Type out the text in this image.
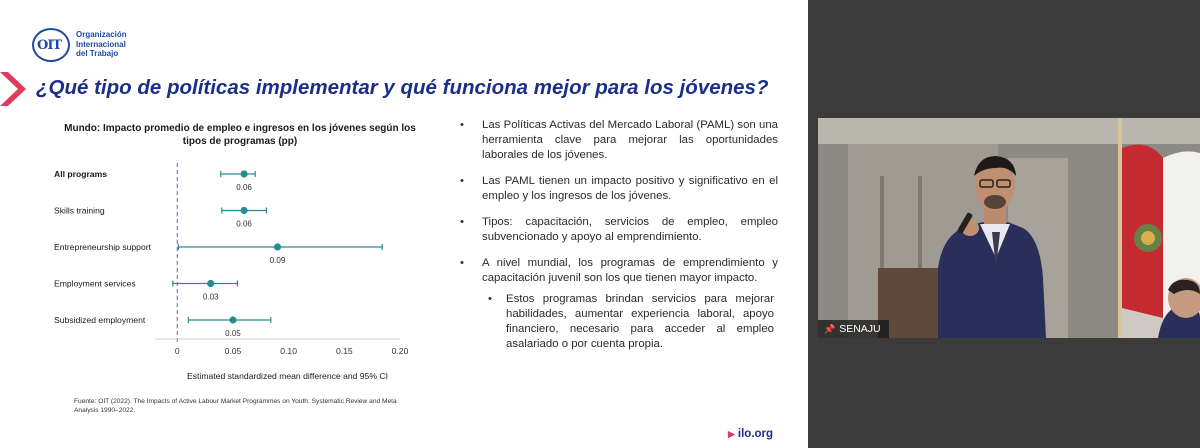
OIT
Organización
Internacional
del Trabajo
¿Qué tipo de políticas implementar y qué funciona mejor para los jóvenes?
Mundo: Impacto promedio de empleo e ingresos en los jóvenes según los tipos de programas (pp)
All programs
0.06
Skills training
0.06
Entrepreneurship support
0.09
Employment services
0.03
Subsidized employment
0.05
0	0.05	0.10	0.15	0.20
Estimated standardized mean difference and 95% CI
Fuente: OIT (2022). The Impacts of Active Labour Market Programmes on Youth: Systematic Review and Meta Analysis 1990–2022.
• Las Políticas Activas del Mercado Laboral (PAML) son una herramienta clave para mejorar las oportunidades laborales de los jóvenes.
• Las PAML tienen un impacto positivo y significativo en el empleo y los ingresos de los jóvenes.
• Tipos: capacitación, servicios de empleo, empleo subvencionado y apoyo al emprendimiento.
• A nivel mundial, los programas de emprendimiento y capacitación juvenil son los que tienen mayor impacto.
• Estos programas brindan servicios para mejorar habilidades, aumentar experiencia laboral, apoyo financiero, necesario para acceder al empleo asalariado o por cuenta propia.
▶ ilo.org
📌 SENAJU
